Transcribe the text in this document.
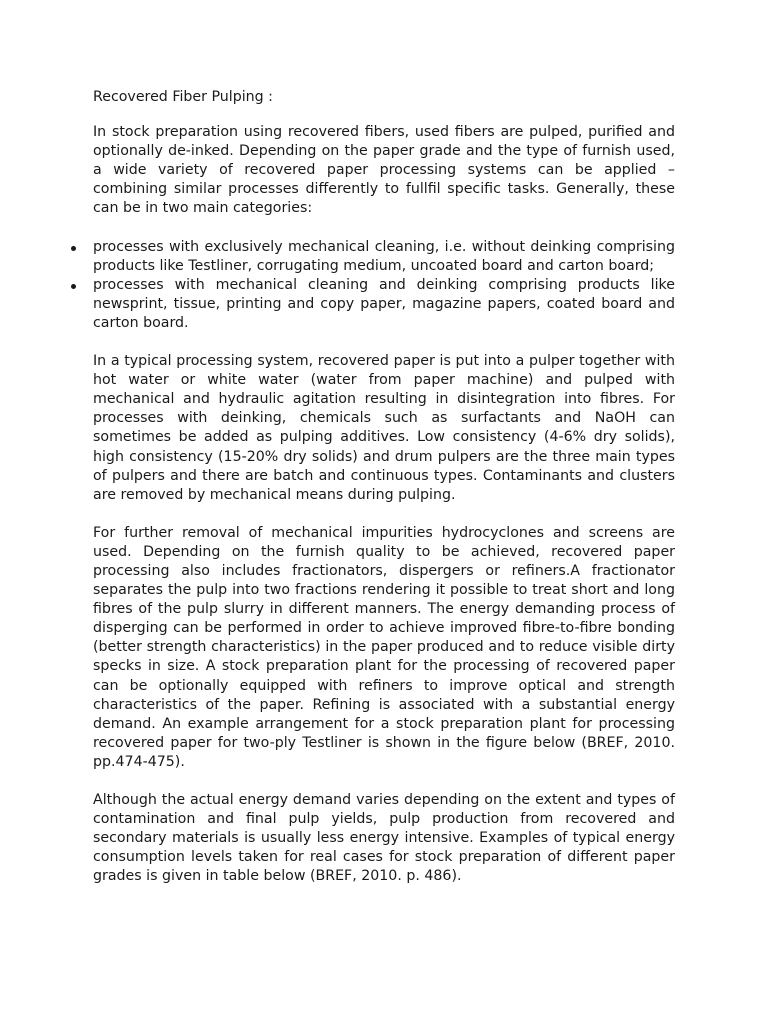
Recovered Fiber Pulping :

In stock preparation using recovered fibers, used fibers are pulped, purified and optionally de-inked. Depending on the paper grade and the type of furnish used, a wide variety of recovered paper processing systems can be applied – combining similar processes differently to fullfil specific tasks. Generally, these can be in two main categories:

processes with exclusively mechanical cleaning, i.e. without deinking comprising products like Testliner, corrugating medium, uncoated board and carton board;
processes with mechanical cleaning and deinking comprising products like newsprint, tissue, printing and copy paper, magazine papers, coated board and carton board.

In a typical processing system, recovered paper is put into a pulper together with hot water or white water (water from paper machine) and pulped with mechanical and hydraulic agitation resulting in disintegration into fibres. For processes with deinking, chemicals such as surfactants and NaOH can sometimes be added as pulping additives. Low consistency (4-6% dry solids), high consistency (15-20% dry solids) and drum pulpers are the three main types of pulpers and there are batch and continuous types. Contaminants and clusters are removed by mechanical means during pulping.

For further removal of mechanical impurities hydrocyclones and screens are used. Depending on the furnish quality to be achieved, recovered paper processing also includes fractionators, dispergers or refiners.A fractionator separates the pulp into two fractions rendering it possible to treat short and long fibres of the pulp slurry in different manners. The energy demanding process of disperging can be performed in order to achieve improved fibre-to-fibre bonding (better strength characteristics) in the paper produced and to reduce visible dirty specks in size. A stock preparation plant for the processing of recovered paper can be optionally equipped with refiners to improve optical and strength characteristics of the paper. Refining is associated with a substantial energy demand. An example arrangement for a stock preparation plant for processing recovered paper for two-ply Testliner is shown in the figure below (BREF, 2010. pp.474-475).

Although the actual energy demand varies depending on the extent and types of contamination and final pulp yields, pulp production from recovered and secondary materials is usually less energy intensive. Examples of typical energy consumption levels taken for real cases for stock preparation of different paper grades is given in table below (BREF, 2010. p. 486).
